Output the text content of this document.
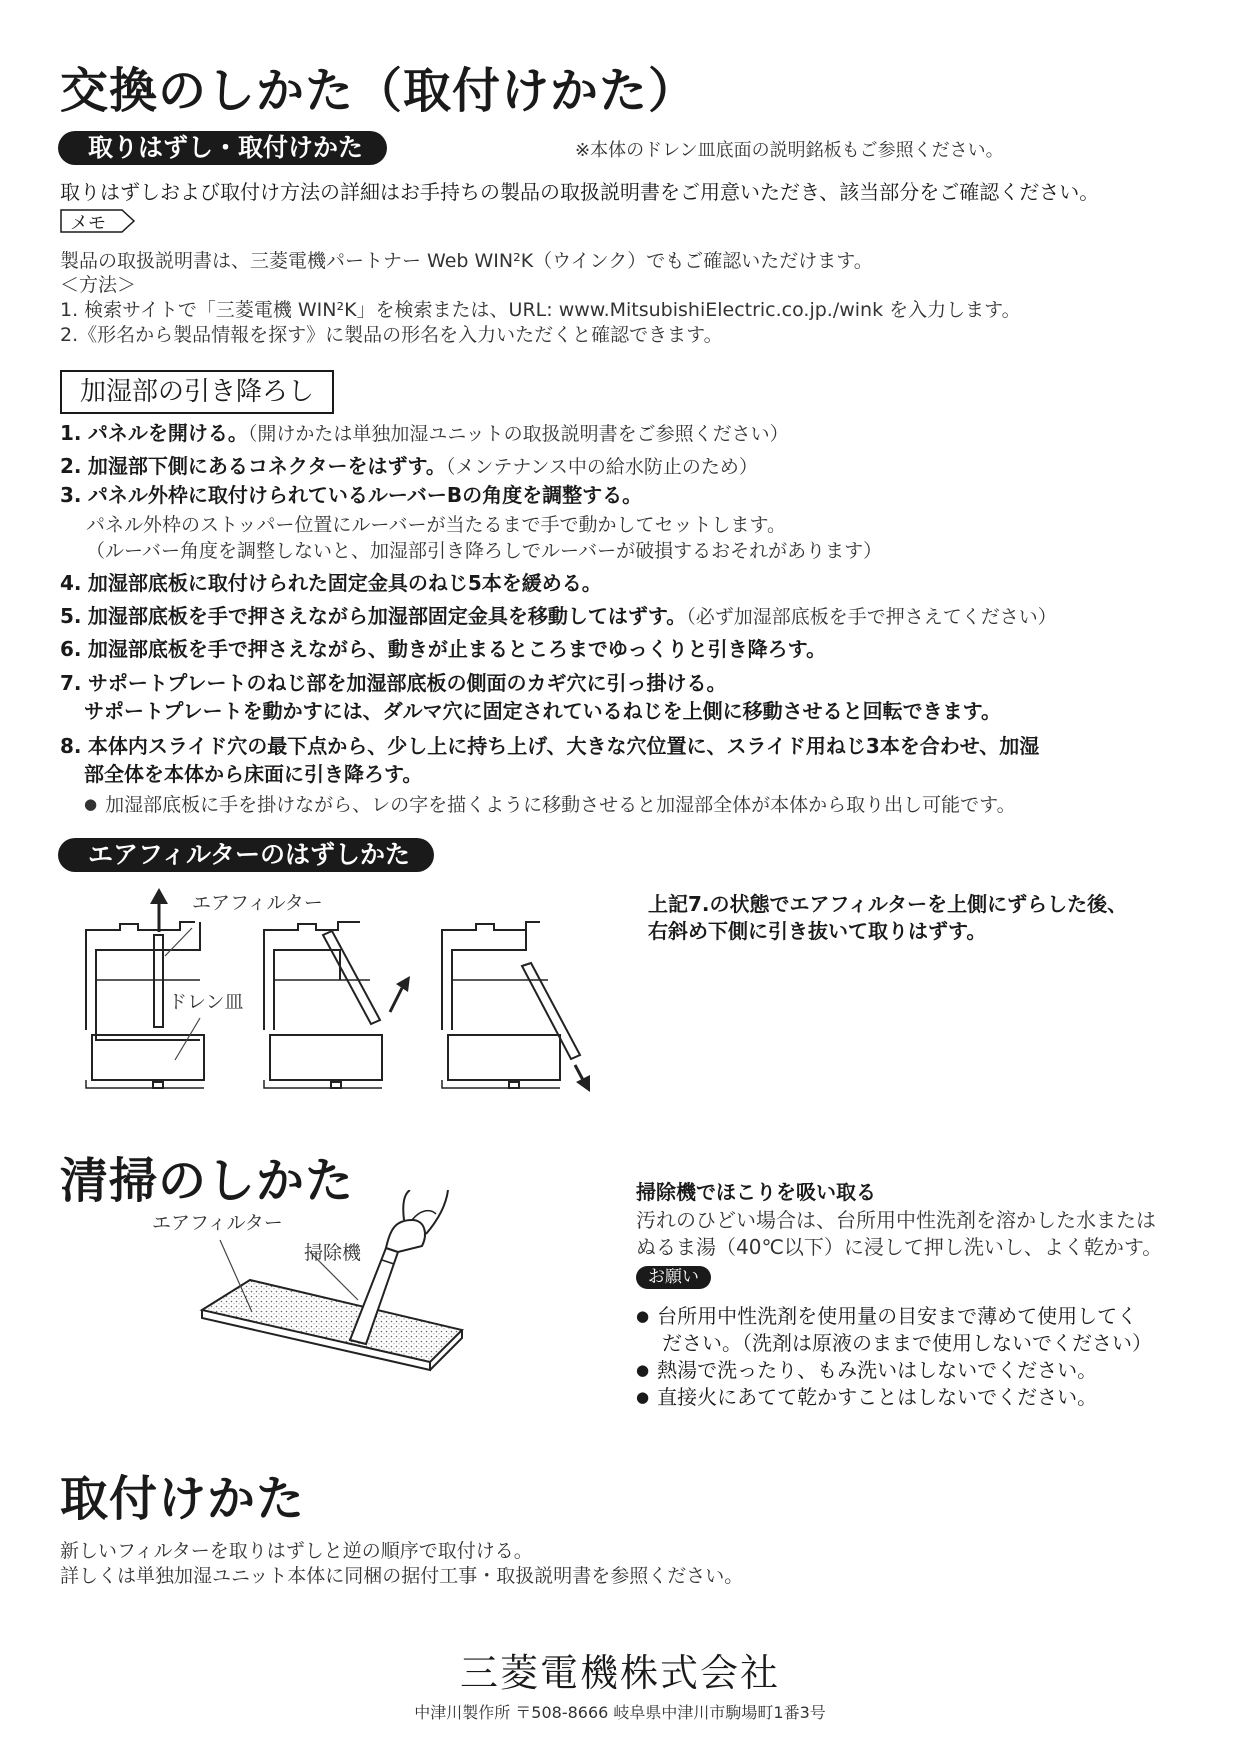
交換のしかた（取付けかた）
取りはずし・取付けかた	※本体のドレン皿底面の説明銘板もご参照ください。
取りはずしおよび取付け方法の詳細はお手持ちの製品の取扱説明書をご用意いただき、該当部分をご確認ください。
メモ
製品の取扱説明書は、三菱電機パートナー Web WIN²K（ウインク）でもご確認いただけます。
＜方法＞
1. 検索サイトで「三菱電機 WIN²K」を検索または、URL: www.MitsubishiElectric.co.jp./wink を入力します。
2.《形名から製品情報を探す》に製品の形名を入力いただくと確認できます。
加湿部の引き降ろし
1. パネルを開ける。（開けかたは単独加湿ユニットの取扱説明書をご参照ください）
2. 加湿部下側にあるコネクターをはずす。（メンテナンス中の給水防止のため）
3. パネル外枠に取付けられているルーバーBの角度を調整する。
パネル外枠のストッパー位置にルーバーが当たるまで手で動かしてセットします。
（ルーバー角度を調整しないと、加湿部引き降ろしでルーバーが破損するおそれがあります）
4. 加湿部底板に取付けられた固定金具のねじ5本を緩める。
5. 加湿部底板を手で押さえながら加湿部固定金具を移動してはずす。（必ず加湿部底板を手で押さえてください）
6. 加湿部底板を手で押さえながら、動きが止まるところまでゆっくりと引き降ろす。
7. サポートプレートのねじ部を加湿部底板の側面のカギ穴に引っ掛ける。
サポートプレートを動かすには、ダルマ穴に固定されているねじを上側に移動させると回転できます。
8. 本体内スライド穴の最下点から、少し上に持ち上げ、大きな穴位置に、スライド用ねじ3本を合わせ、加湿
部全体を本体から床面に引き降ろす。
● 加湿部底板に手を掛けながら、レの字を描くように移動させると加湿部全体が本体から取り出し可能です。
エアフィルターのはずしかた
エアフィルター
ドレン皿
上記7.の状態でエアフィルターを上側にずらした後、
右斜め下側に引き抜いて取りはずす。
清掃のしかた
エアフィルター
掃除機
掃除機でほこりを吸い取る
汚れのひどい場合は、台所用中性洗剤を溶かした水または
ぬるま湯（40℃以下）に浸して押し洗いし、よく乾かす。
お願い
● 台所用中性洗剤を使用量の目安まで薄めて使用してく
ださい。（洗剤は原液のままで使用しないでください）
● 熱湯で洗ったり、もみ洗いはしないでください。
● 直接火にあてて乾かすことはしないでください。
取付けかた
新しいフィルターを取りはずしと逆の順序で取付ける。
詳しくは単独加湿ユニット本体に同梱の据付工事・取扱説明書を参照ください。
三菱電機株式会社
中津川製作所 〒508-8666 岐阜県中津川市駒場町1番3号
